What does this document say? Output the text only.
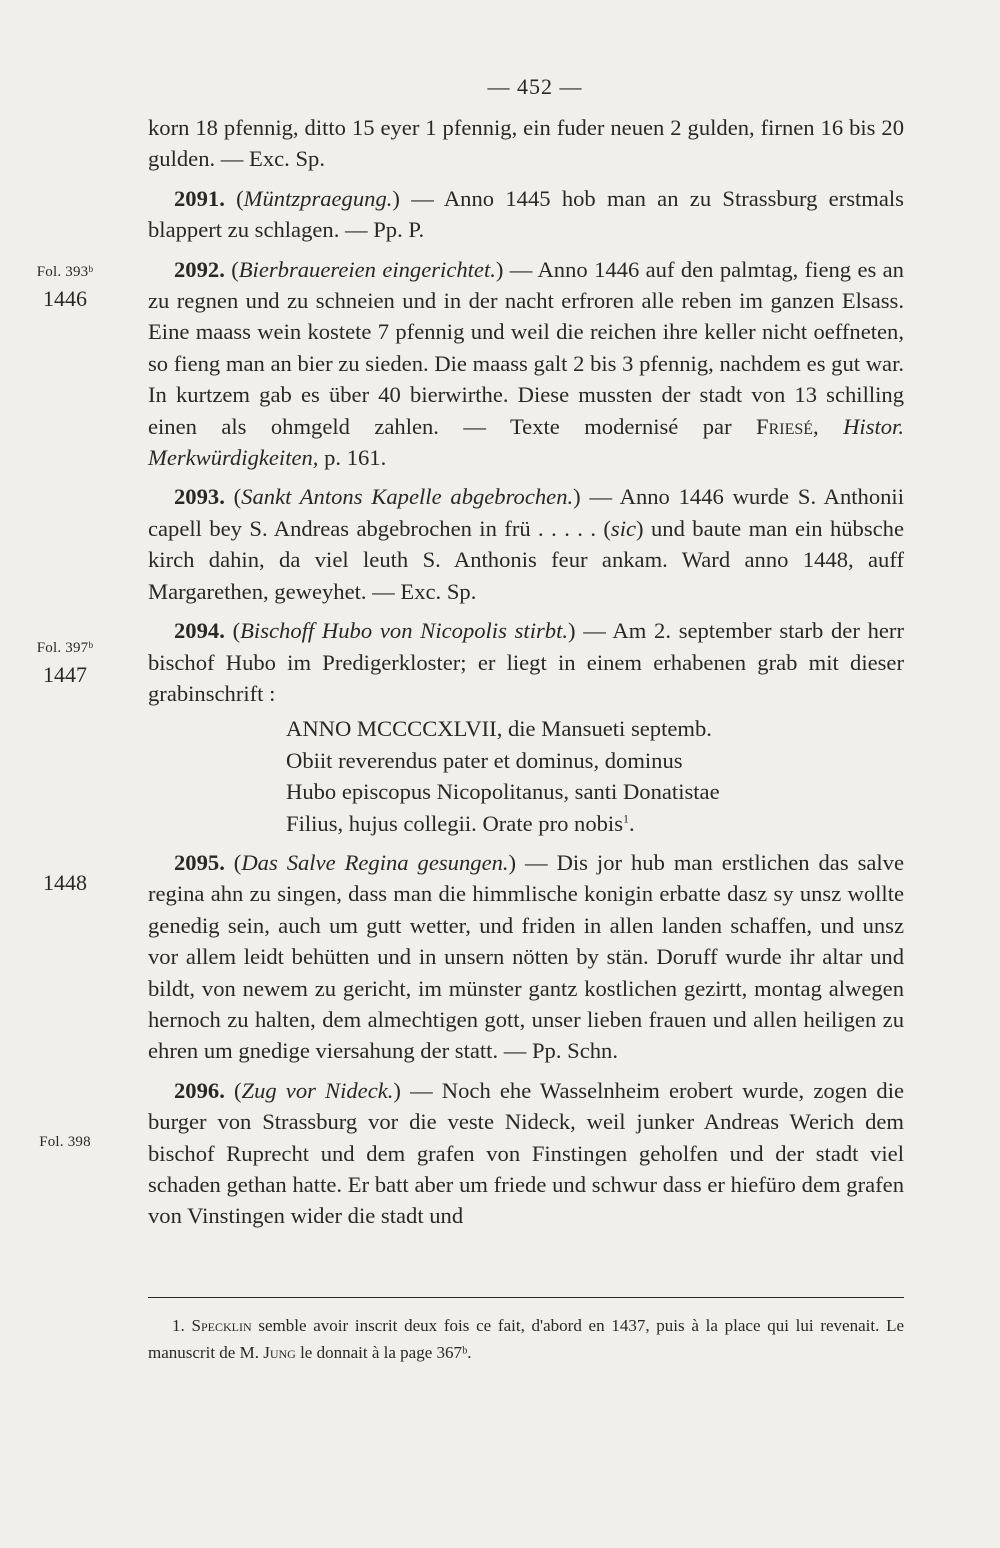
— 452 —
Fol. 393ᵇ
1446
Fol. 397ᵇ
1447
1448
Fol. 398

korn 18 pfennig, ditto 15 eyer 1 pfennig, ein fuder neuen 2 gulden, firnen 16 bis 20 gulden. — Exc. Sp.

2091. (Müntzpraegung.) — Anno 1445 hob man an zu Strassburg erstmals blappert zu schlagen. — Pp. P.

2092. (Bierbrauereien eingerichtet.) — Anno 1446 auf den palmtag, fieng es an zu regnen und zu schneien und in der nacht erfroren alle reben im ganzen Elsass. Eine maass wein kostete 7 pfennig und weil die reichen ihre keller nicht oeffneten, so fieng man an bier zu sieden. Die maass galt 2 bis 3 pfennig, nachdem es gut war. In kurtzem gab es über 40 bierwirthe. Diese mussten der stadt von 13 schilling einen als ohmgeld zahlen. — Texte modernisé par Friesé, Histor. Merkwürdigkeiten, p. 161.

2093. (Sankt Antons Kapelle abgebrochen.) — Anno 1446 wurde S. Anthonii capell bey S. Andreas abgebrochen in frü . . . . . (sic) und baute man ein hübsche kirch dahin, da viel leuth S. Anthonis feur ankam. Ward anno 1448, auff Margarethen, geweyhet. — Exc. Sp.

2094. (Bischoff Hubo von Nicopolis stirbt.) — Am 2. september starb der herr bischof Hubo im Predigerkloster; er liegt in einem erhabenen grab mit dieser grabinschrift :

ANNO MCCCCXLVII, die Mansueti septemb.

Obiit reverendus pater et dominus, dominus

Hubo episcopus Nicopolitanus, santi Donatistae

Filius, hujus collegii. Orate pro nobis$^1$.

2095. (Das Salve Regina gesungen.) — Dis jor hub man erstlichen das salve regina ahn zu singen, dass man die himmlische konigin erbatte dasz sy unsz wollte genedig sein, auch um gutt wetter, und friden in allen landen schaffen, und unsz vor allem leidt behütten und in unsern nötten by stän. Doruff wurde ihr altar und bildt, von newem zu gericht, im münster gantz kostlichen gezirtt, montag alwegen hernoch zu halten, dem almechtigen gott, unser lieben frauen und allen heiligen zu ehren um gnedige viersahung der statt. — Pp. Schn.

2096. (Zug vor Nideck.) — Noch ehe Wasselnheim erobert wurde, zogen die burger von Strassburg vor die veste Nideck, weil junker Andreas Werich dem bischof Ruprecht und dem grafen von Finstingen geholfen und der stadt viel schaden gethan hatte. Er batt aber um friede und schwur dass er hiefüro dem grafen von Vinstingen wider die stadt und

1. Specklin semble avoir inscrit deux fois ce fait, d'abord en 1437, puis à la place qui lui revenait. Le manuscrit de M. Jung le donnait à la page 367ᵇ.
